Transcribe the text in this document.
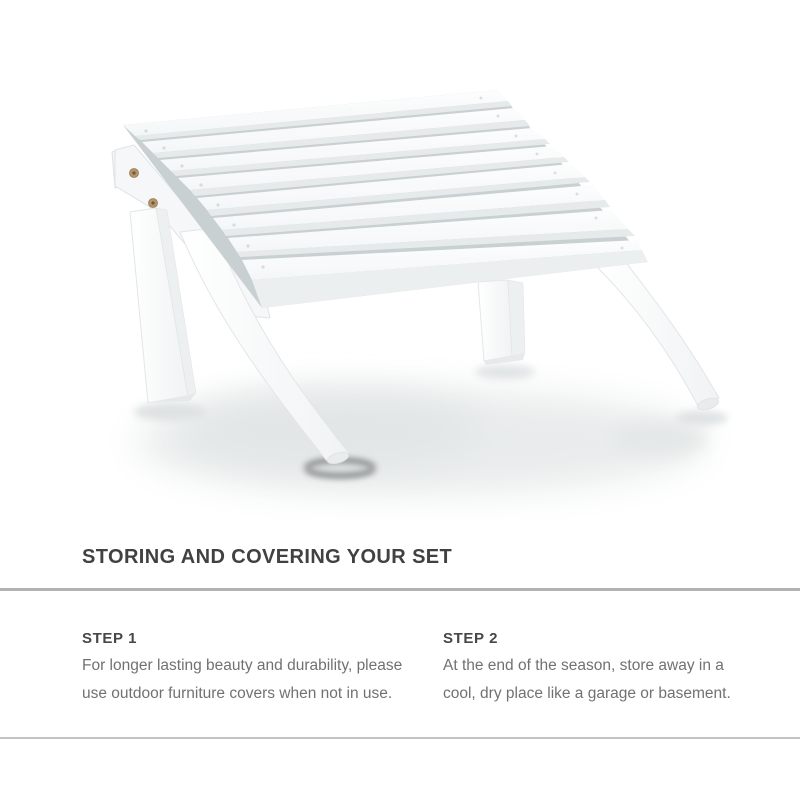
STORING AND COVERING YOUR SET
STEP 1
For longer lasting beauty and durability, please
use outdoor furniture covers when not in use.
STEP 2
At the end of the season, store away in a
cool, dry place like a garage or basement.
